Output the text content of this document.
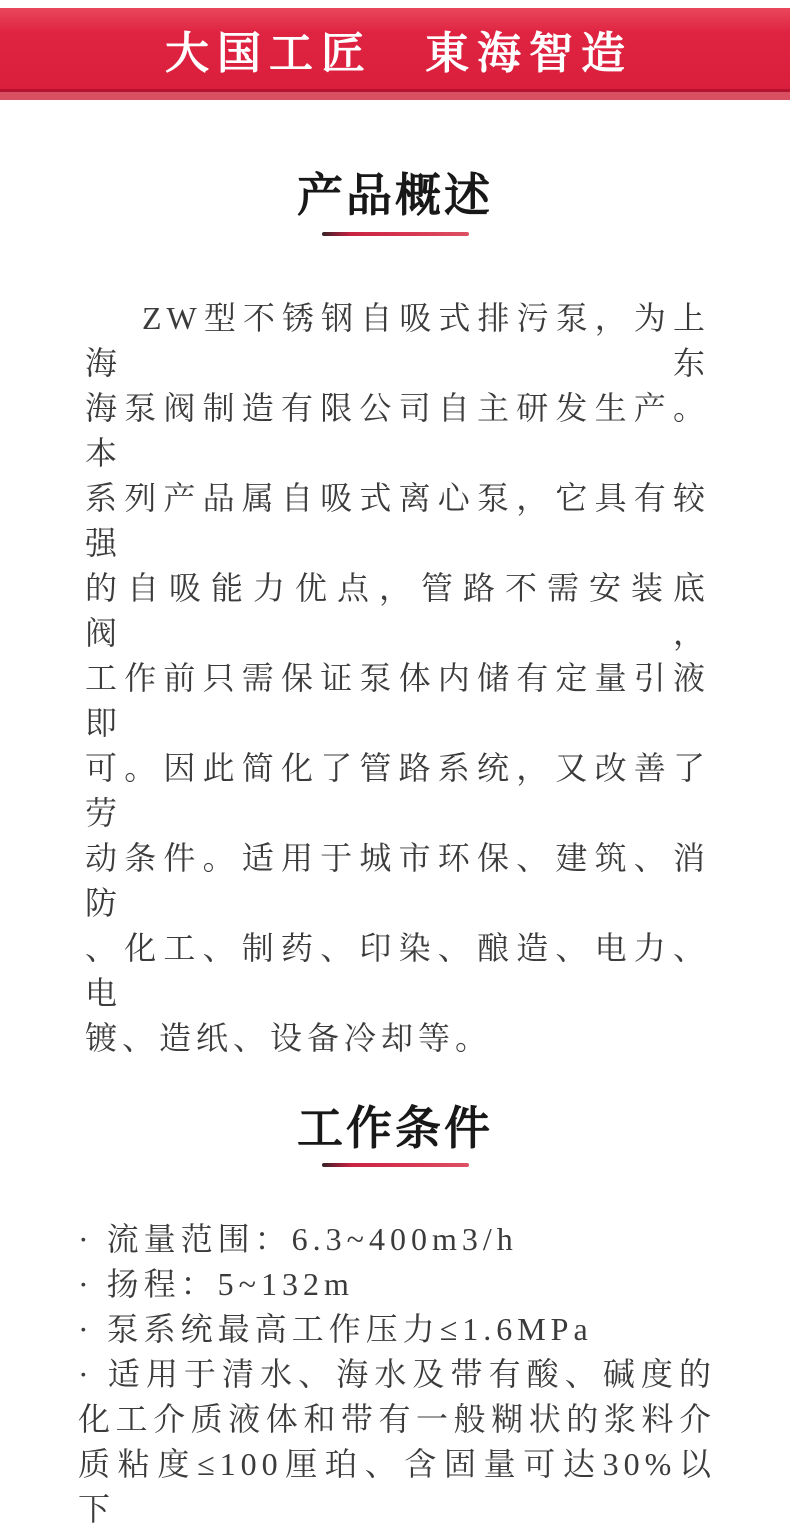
大国工匠　東海智造
产品概述
ZW型不锈钢自吸式排污泵，为上海东
海泵阀制造有限公司自主研发生产。本
系列产品属自吸式离心泵，它具有较强
的自吸能力优点，管路不需安装底阀，
工作前只需保证泵体内储有定量引液即
可。因此简化了管路系统，又改善了劳
动条件。适用于城市环保、建筑、消防
、化工、制药、印染、酿造、电力、电
镀、造纸、设备冷却等。
工作条件
· 流量范围：6.3~400m3/h
· 扬程：5~132m
· 泵系统最高工作压力≤1.6MPa
· 适用于清水、海水及带有酸、碱度的
化工介质液体和带有一般糊状的浆料介
质粘度≤100厘珀、含固量可达30%以下
